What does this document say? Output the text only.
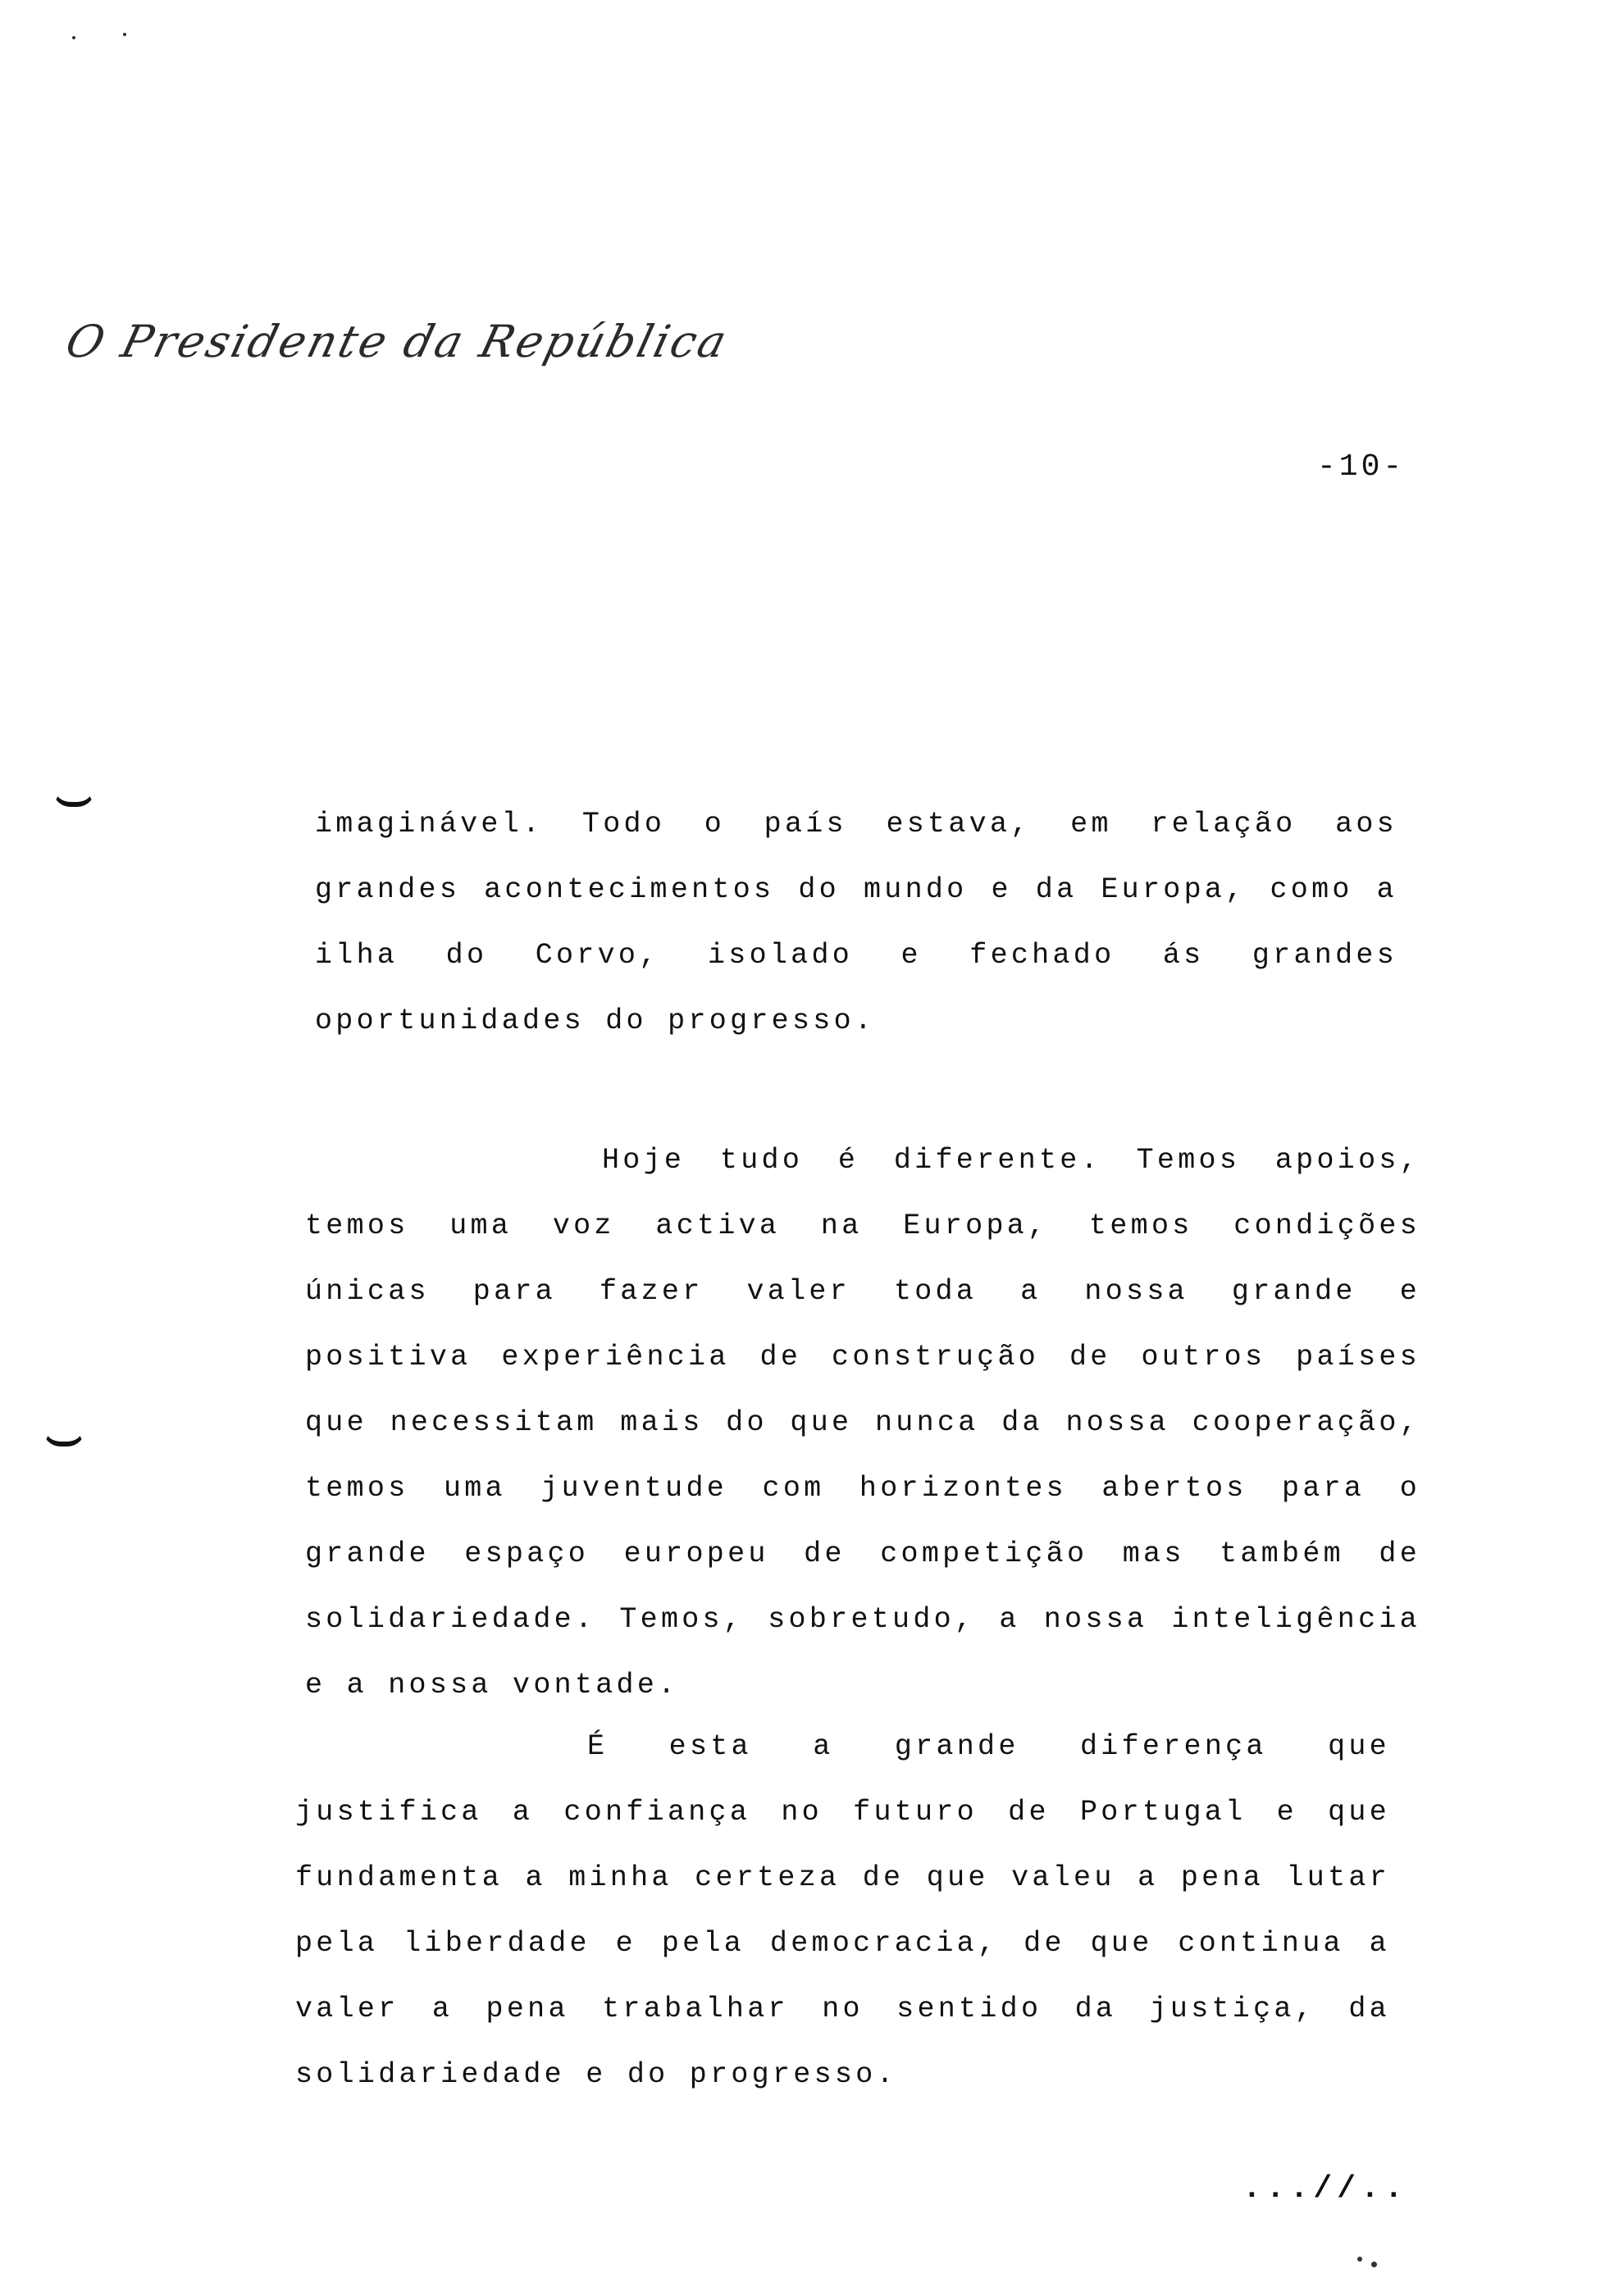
O Presidente da República
-10-

imaginável. Todo o país estava, em relação aos grandes acontecimentos do mundo e da Europa, como a ilha do Corvo, isolado e fechado ás grandes oportunidades do progresso.

Hoje tudo é diferente. Temos apoios, temos uma voz activa na Europa, temos condições únicas para fazer valer toda a nossa grande e positiva experiência de construção de outros países que necessitam mais do que nunca da nossa cooperação, temos uma juventude com horizontes abertos para o grande espaço europeu de competição mas também de solidariedade. Temos, sobretudo, a nossa inteligência e a nossa vontade.

É esta a grande diferença que justifica a confiança no futuro de Portugal e que fundamenta a minha certeza de que valeu a pena lutar pela liberdade e pela democracia, de que continua a valer a pena trabalhar no sentido da justiça, da solidariedade e do progresso.

...//..
